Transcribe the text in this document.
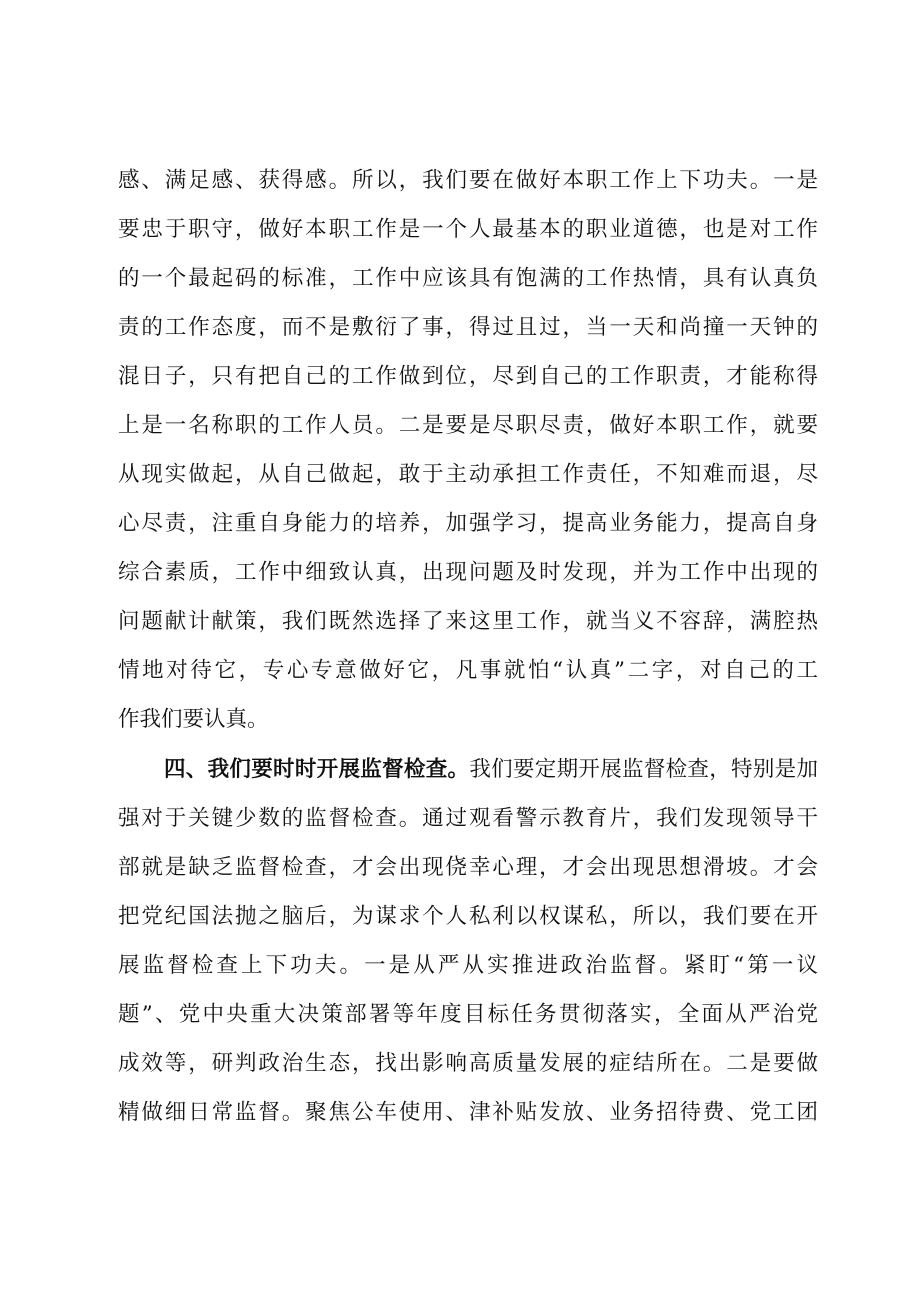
感、满足感、获得感。所以，我们要在做好本职工作上下功夫。一是
要忠于职守，做好本职工作是一个人最基本的职业道德，也是对工作
的一个最起码的标准，工作中应该具有饱满的工作热情，具有认真负
责的工作态度，而不是敷衍了事，得过且过，当一天和尚撞一天钟的
混日子，只有把自己的工作做到位，尽到自己的工作职责，才能称得
上是一名称职的工作人员。二是要是尽职尽责，做好本职工作，就要
从现实做起，从自己做起，敢于主动承担工作责任，不知难而退，尽
心尽责，注重自身能力的培养，加强学习，提高业务能力，提高自身
综合素质，工作中细致认真，出现问题及时发现，并为工作中出现的
问题献计献策，我们既然选择了来这里工作，就当义不容辞，满腔热
情地对待它，专心专意做好它，凡事就怕“认真”二字，对自己的工
作我们要认真。
四、我们要时时开展监督检查。我们要定期开展监督检查，特别是加
强对于关键少数的监督检查。通过观看警示教育片，我们发现领导干
部就是缺乏监督检查，才会出现侥幸心理，才会出现思想滑坡。才会
把党纪国法抛之脑后，为谋求个人私利以权谋私，所以，我们要在开
展监督检查上下功夫。一是从严从实推进政治监督。紧盯“第一议
题”、党中央重大决策部署等年度目标任务贯彻落实，全面从严治党
成效等，研判政治生态，找出影响高质量发展的症结所在。二是要做
精做细日常监督。聚焦公车使用、津补贴发放、业务招待费、党工团
